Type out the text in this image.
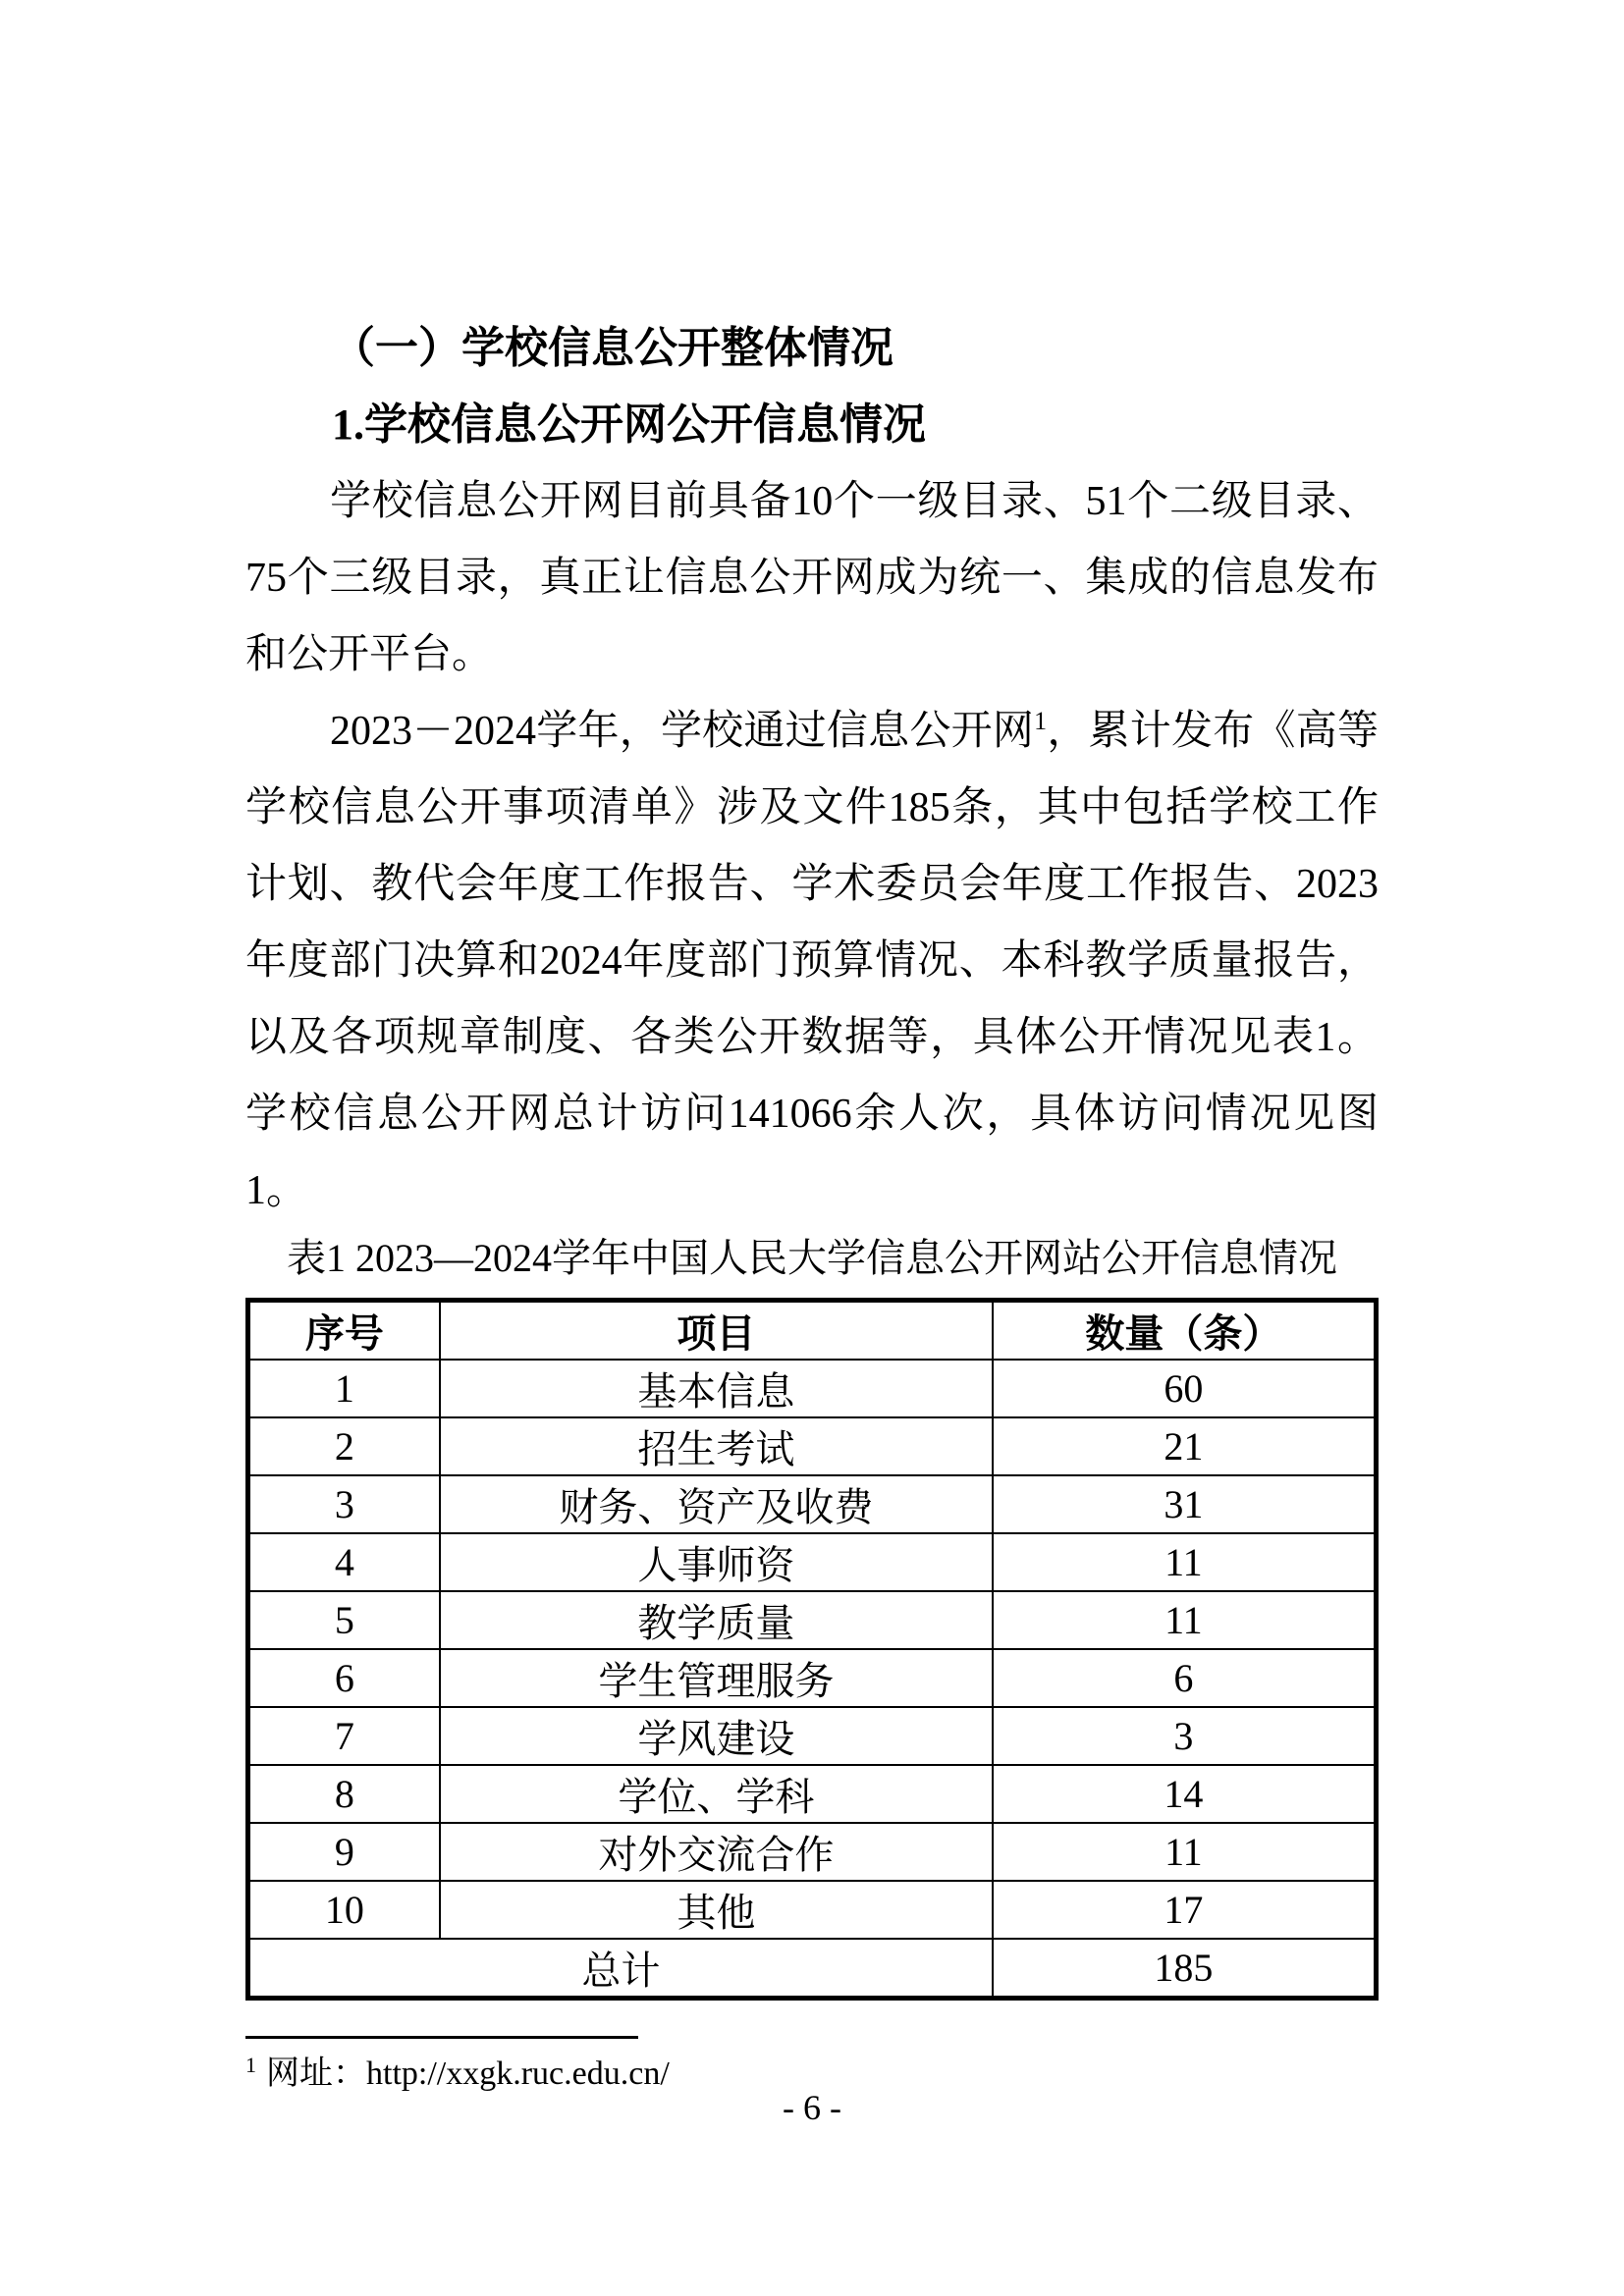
（一）学校信息公开整体情况
1.学校信息公开网公开信息情况

学校信息公开网目前具备10个一级目录、51个二级目录、75个三级目录，真正让信息公开网成为统一、集成的信息发布和公开平台。

2023－2024学年，学校通过信息公开网$^1$，累计发布《高等学校信息公开事项清单》涉及文件185条，其中包括学校工作计划、教代会年度工作报告、学术委员会年度工作报告、2023年度部门决算和2024年度部门预算情况、本科教学质量报告，以及各项规章制度、各类公开数据等，具体公开情况见表1。学校信息公开网总计访问141066余人次，具体访问情况见图1。

表1 2023—2024学年中国人民大学信息公开网站公开信息情况
序号	项目	数量（条）
1	基本信息	60
2	招生考试	21
3	财务、资产及收费	31
4	人事师资	11
5	教学质量	11
6	学生管理服务	6
7	学风建设	3
8	学位、学科	14
9	对外交流合作	11
10	其他	17
总计		185
$^1$ 网址：http://xxgk.ruc.edu.cn/
- 6 -
